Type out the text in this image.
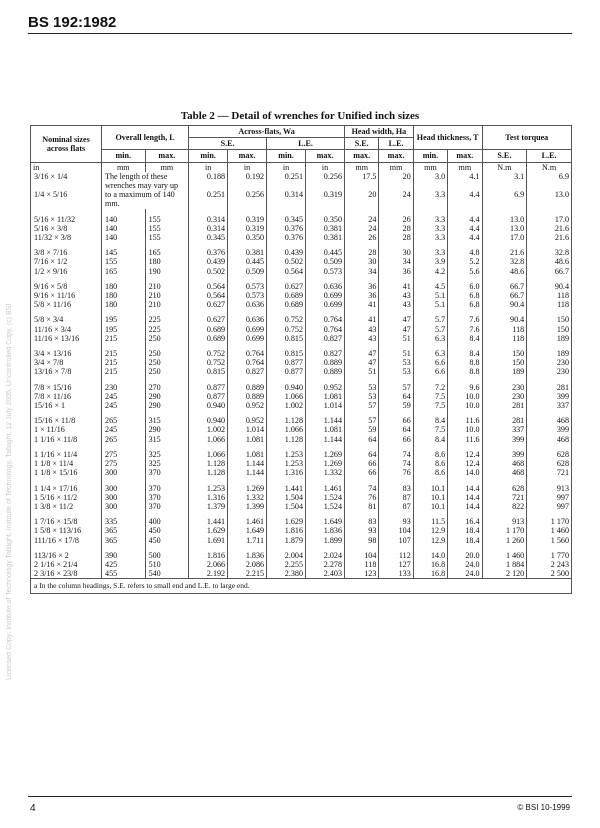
BS 192:1982
Licensed Copy: Institute of Technology Tallaght, Institute of Technology, Tallaght, 12 July 2005, Uncontrolled Copy, (c) BSI
Table 2 — Detail of wrenches for Unified inch sizes
Nominal sizes across flats	Overall length, L		Across-flats, Wa				Head width, Ha		Head thickness, T		Test torquea	
			S.E.		L.E.		S.E.	L.E.				
	min.	max.	min.	max.	min.	max.	max.	max.	min.	max.	S.E.	L.E.
in	mm	mm	in	in	in	in	mm	mm	mm	mm	N.m	N.m
3/16 × 1/4	The length of these wrenches may vary up to a maximum of 140 mm.		0.188	0.192	0.251	0.256	17.5	20	3.0	4.1	3.1	6.9
1/4 × 5/16			0.251	0.256	0.314	0.319	20	24	3.3	4.4	6.9	13.0

5/16 × 11/32	140	155	0.314	0.319	0.345	0.350	24	26	3.3	4.4	13.0	17.0
5/16 × 3/8	140	155	0.314	0.319	0.376	0.381	24	28	3.3	4.4	13.0	21.6
11/32 × 3/8	140	155	0.345	0.350	0.376	0.381	26	28	3.3	4.4	17.0	21.6

3/8 × 7/16	145	165	0.376	0.381	0.439	0.445	28	30	3.3	4.8	21.6	32.8
7/16 × 1/2	155	180	0.439	0.445	0.502	0.509	30	34	3.9	5.2	32.8	48.6
1/2 × 9/16	165	190	0.502	0.509	0.564	0.573	34	36	4.2	5.6	48.6	66.7

9/16 × 5/8	180	210	0.564	0.573	0.627	0.636	36	41	4.5	6.0	66.7	90.4
9/16 × 11/16	180	210	0.564	0.573	0.689	0.699	36	43	5.1	6.8	66.7	118
5/8 × 11/16	180	210	0.627	0.636	0.689	0.699	41	43	5.1	6.8	90.4	118

5/8 × 3/4	195	225	0.627	0.636	0.752	0.764	41	47	5.7	7.6	90.4	150
11/16 × 3/4	195	225	0.689	0.699	0.752	0.764	43	47	5.7	7.6	118	150
11/16 × 13/16	215	250	0.689	0.699	0.815	0.827	43	51	6.3	8.4	118	189

3/4 × 13/16	215	250	0.752	0.764	0.815	0.827	47	51	6.3	8.4	150	189
3/4 × 7/8	215	250	0.752	0.764	0.877	0.889	47	53	6.6	8.8	150	230
13/16 × 7/8	215	250	0.815	0.827	0.877	0.889	51	53	6.6	8.8	189	230

7/8 × 15/16	230	270	0.877	0.889	0.940	0.952	53	57	7.2	9.6	230	281
7/8 × 11/16	245	290	0.877	0.889	1.066	1.081	53	64	7.5	10.0	230	399
15/16 × 1	245	290	0.940	0.952	1.002	1.014	57	59	7.5	10.0	281	337

15/16 × 11/8	265	315	0.940	0.952	1.128	1.144	57	66	8.4	11.6	281	468
1 × 11/16	245	290	1.002	1.014	1.066	1.081	59	64	7.5	10.0	337	399
1 1/16 × 11/8	265	315	1.066	1.081	1.128	1.144	64	66	8.4	11.6	399	468

1 1/16 × 11/4	275	325	1.066	1.081	1.253	1.269	64	74	8.6	12.4	399	628
1 1/8 × 11/4	275	325	1.128	1.144	1.253	1.269	66	74	8.6	12.4	468	628
1 1/8 × 15/16	300	370	1.128	1.144	1.316	1.332	66	76	8.6	14.0	468	721

1 1/4 × 17/16	300	370	1.253	1.269	1.441	1.461	74	83	10.1	14.4	628	913
1 5/16 × 11/2	300	370	1.316	1.332	1.504	1.524	76	87	10.1	14.4	721	997
1 3/8 × 11/2	300	370	1.379	1.399	1.504	1.524	81	87	10.1	14.4	822	997

1 7/16 × 15/8	335	400	1.441	1.461	1.629	1.649	83	93	11.5	16.4	913	1 170
1 5/8 × 113/16	365	450	1.629	1.649	1.816	1.836	93	104	12.9	18.4	1 170	1 460
111/16 × 17/8	365	450	1.691	1.711	1.879	1.899	98	107	12.9	18.4	1 260	1 560

113/16 × 2	390	500	1.816	1.836	2.004	2.024	104	112	14.0	20.0	1 460	1 770
2 1/16 × 21/4	425	510	2.066	2.086	2.255	2.278	118	127	16.8	24.0	1 884	2 243
2 3/16 × 23/8	455	540	2.192	2.215	2.380	2.403	123	133	16.8	24.0	2 120	2 500
a In the column headings, S.E. refers to small end and L.E. to large end.												
4	© BSI 10-1999
